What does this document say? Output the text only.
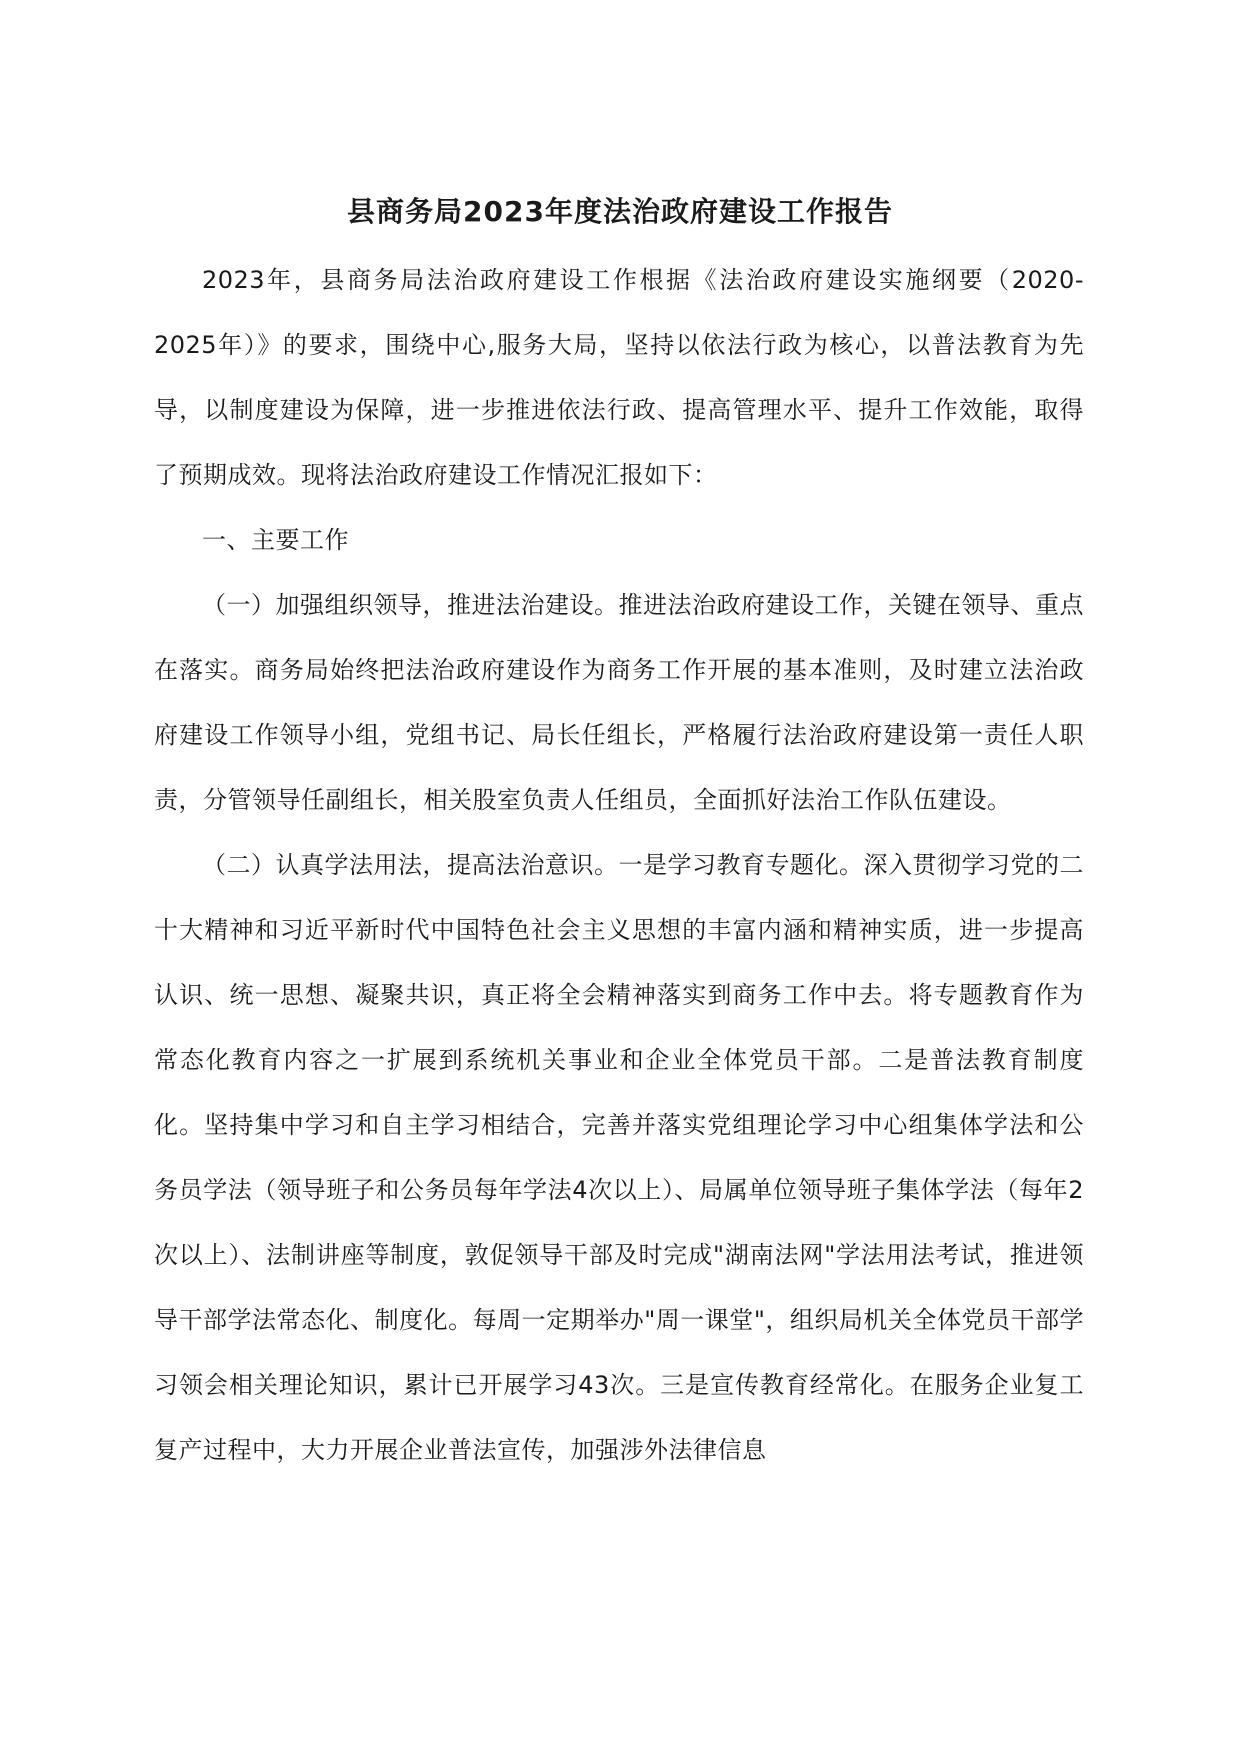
县商务局2023年度法治政府建设工作报告

2023年，县商务局法治政府建设工作根据《法治政府建设实施纲要（2020-2025年）》的要求，围绕中心,服务大局，坚持以依法行政为核心，以普法教育为先导，以制度建设为保障，进一步推进依法行政、提高管理水平、提升工作效能，取得了预期成效。现将法治政府建设工作情况汇报如下：

一、主要工作

（一）加强组织领导，推进法治建设。推进法治政府建设工作，关键在领导、重点在落实。商务局始终把法治政府建设作为商务工作开展的基本准则，及时建立法治政府建设工作领导小组，党组书记、局长任组长，严格履行法治政府建设第一责任人职责，分管领导任副组长，相关股室负责人任组员，全面抓好法治工作队伍建设。

（二）认真学法用法，提高法治意识。一是学习教育专题化。深入贯彻学习党的二十大精神和习近平新时代中国特色社会主义思想的丰富内涵和精神实质，进一步提高认识、统一思想、凝聚共识，真正将全会精神落实到商务工作中去。将专题教育作为常态化教育内容之一扩展到系统机关事业和企业全体党员干部。二是普法教育制度化。坚持集中学习和自主学习相结合，完善并落实党组理论学习中心组集体学法和公务员学法（领导班子和公务员每年学法4次以上）、局属单位领导班子集体学法（每年2次以上）、法制讲座等制度，敦促领导干部及时完成"湖南法网"学法用法考试，推进领导干部学法常态化、制度化。每周一定期举办"周一课堂"，组织局机关全体党员干部学习领会相关理论知识，累计已开展学习43次。三是宣传教育经常化。在服务企业复工复产过程中，大力开展企业普法宣传，加强涉外法律信息
